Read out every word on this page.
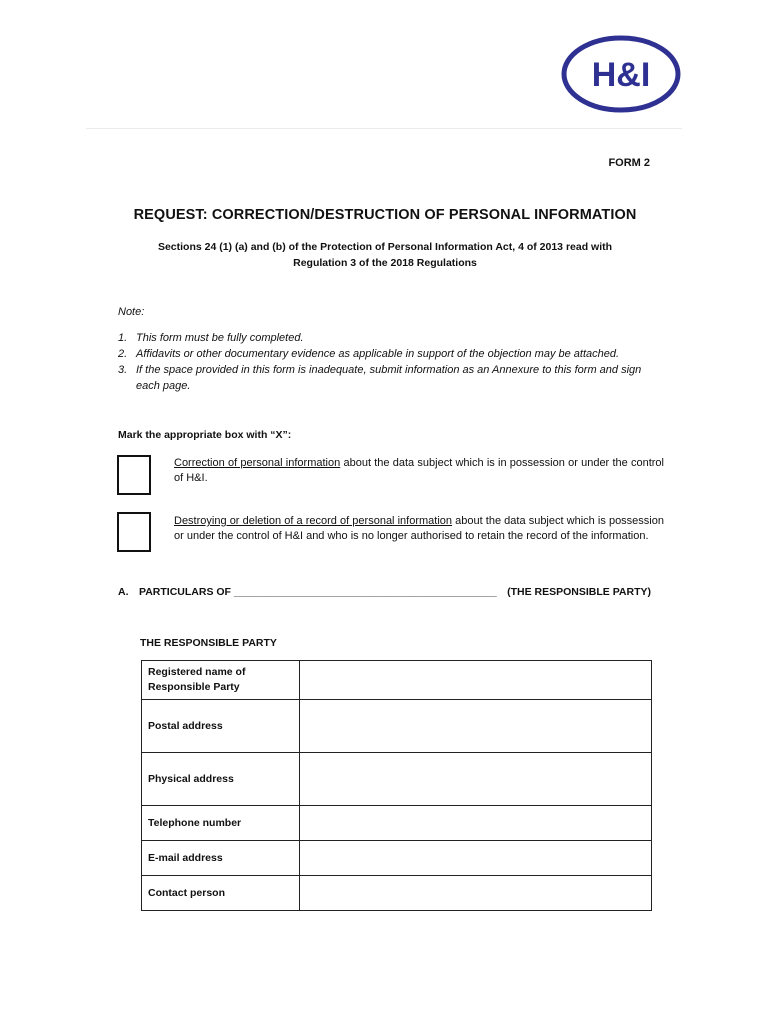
H&I
FORM 2
REQUEST: CORRECTION/DESTRUCTION OF PERSONAL INFORMATION
Sections 24 (1) (a) and (b) of the Protection of Personal Information Act, 4 of 2013 read with
Regulation 3 of the 2018 Regulations
Note:
1. This form must be fully completed.
2. Affidavits or other documentary evidence as applicable in support of the objection may be attached.
3. If the space provided in this form is inadequate, submit information as an Annexure to this form and sign each page.
Mark the appropriate box with “X”:
Correction of personal information about the data subject which is in possession or under the control of H&I.
Destroying or deletion of a record of personal information about the data subject which is possession or under the control of H&I and who is no longer authorised to retain the record of the information.
A. PARTICULARS OF _____________________________________________ (THE RESPONSIBLE PARTY)
THE RESPONSIBLE PARTY
Registered name of Responsible Party	
Postal address	
Physical address	
Telephone number	
E-mail address	
Contact person	
